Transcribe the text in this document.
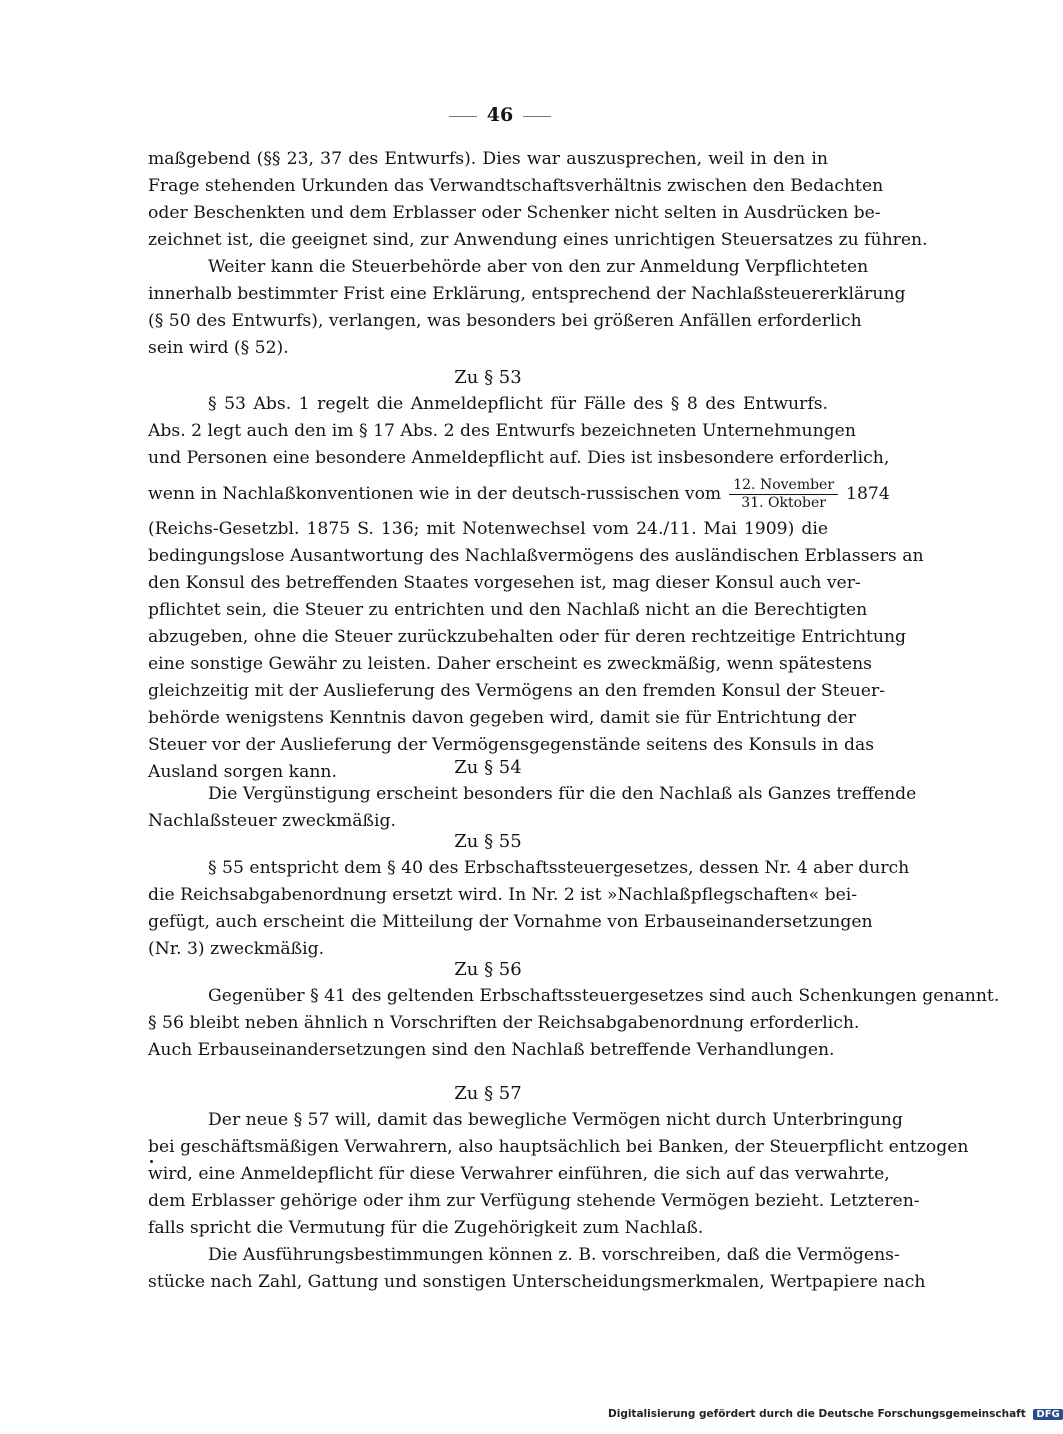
46
maßgebend (§§ 23, 37 des Entwurfs). Dies war auszusprechen, weil in den in
Frage stehenden Urkunden das Verwandtschaftsverhältnis zwischen den Bedachten
oder Beschenkten und dem Erblasser oder Schenker nicht selten in Ausdrücken be-
zeichnet ist, die geeignet sind, zur Anwendung eines unrichtigen Steuersatzes zu führen.
Weiter kann die Steuerbehörde aber von den zur Anmeldung Verpflichteten
innerhalb bestimmter Frist eine Erklärung, entsprechend der Nachlaßsteuererklärung
(§ 50 des Entwurfs), verlangen, was besonders bei größeren Anfällen erforderlich
sein wird (§ 52).
Zu § 53
§ 53 Abs. 1 regelt die Anmeldepflicht für Fälle des § 8 des Entwurfs.
Abs. 2 legt auch den im § 17 Abs. 2 des Entwurfs bezeichneten Unternehmungen
und Personen eine besondere Anmeldepflicht auf. Dies ist insbesondere erforderlich,
wenn in Nachlaßkonventionen wie in der deutsch-russischen vom $\frac{\text{12. November}}{\text{31. Oktober}} 1874$
(Reichs-Gesetzbl. 1875 S. 136; mit Notenwechsel vom 24./11. Mai 1909) die
bedingungslose Ausantwortung des Nachlaßvermögens des ausländischen Erblassers an
den Konsul des betreffenden Staates vorgesehen ist, mag dieser Konsul auch ver-
pflichtet sein, die Steuer zu entrichten und den Nachlaß nicht an die Berechtigten
abzugeben, ohne die Steuer zurückzubehalten oder für deren rechtzeitige Entrichtung
eine sonstige Gewähr zu leisten. Daher erscheint es zweckmäßig, wenn spätestens
gleichzeitig mit der Auslieferung des Vermögens an den fremden Konsul der Steuer-
behörde wenigstens Kenntnis davon gegeben wird, damit sie für Entrichtung der
Steuer vor der Auslieferung der Vermögensgegenstände seitens des Konsuls in das
Ausland sorgen kann.	Zu § 54
Die Vergünstigung erscheint besonders für die den Nachlaß als Ganzes treffende
Nachlaßsteuer zweckmäßig.
Zu § 55
§ 55 entspricht dem § 40 des Erbschaftssteuergesetzes, dessen Nr. 4 aber durch
die Reichsabgabenordnung ersetzt wird. In Nr. 2 ist »Nachlaßpflegschaften« bei-
gefügt, auch erscheint die Mitteilung der Vornahme von Erbauseinandersetzungen
(Nr. 3) zweckmäßig.
Zu § 56
Gegenüber § 41 des geltenden Erbschaftssteuergesetzes sind auch Schenkungen genannt.
§ 56 bleibt neben ähnlich n Vorschriften der Reichsabgabenordnung erforderlich.
Auch Erbauseinandersetzungen sind den Nachlaß betreffende Verhandlungen.
Zu § 57
Der neue § 57 will, damit das bewegliche Vermögen nicht durch Unterbringung
bei geschäftsmäßigen Verwahrern, also hauptsächlich bei Banken, der Steuerpflicht entzogen
wird, eine Anmeldepflicht für diese Verwahrer einführen, die sich auf das verwahrte,
dem Erblasser gehörige oder ihm zur Verfügung stehende Vermögen bezieht. Letzteren-
falls spricht die Vermutung für die Zugehörigkeit zum Nachlaß.
Die Ausführungsbestimmungen können z. B. vorschreiben, daß die Vermögens-
stücke nach Zahl, Gattung und sonstigen Unterscheidungsmerkmalen, Wertpapiere nach
Digitalisierung gefördert durch die Deutsche Forschungsgemeinschaft DFG
